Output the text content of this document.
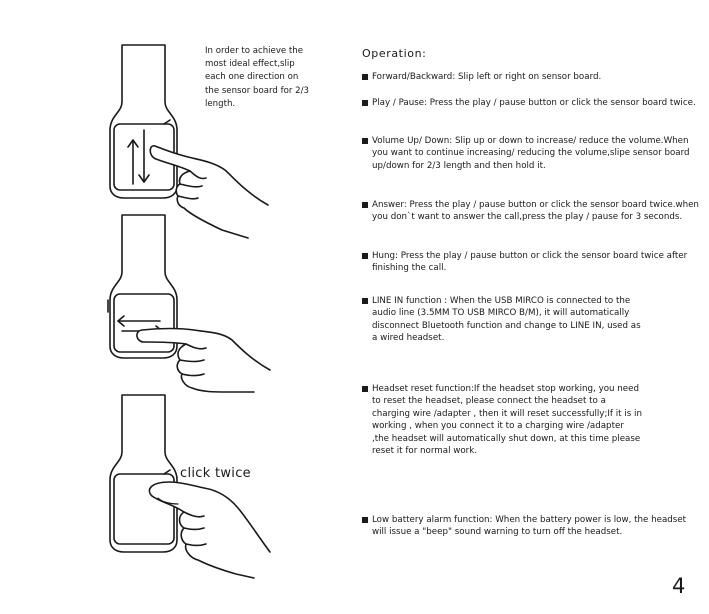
In order to achieve the most ideal effect,slip each one direction on the sensor board for 2/3 length.
click twice
Operation:
Forward/Backward: Slip left or right on sensor board.
Play / Pause: Press the play / pause button or click the sensor board twice.
Volume Up/ Down: Slip up or down to increase/ reduce the volume.When you want to continue increasing/ reducing the volume,slipe sensor board up/down for 2/3 length and then hold it.
Answer: Press the play / pause button or click the sensor board twice.when you don`t want to answer the call,press the play / pause for 3 seconds.
Hung: Press the play / pause button or click the sensor board twice after finishing the call.
LINE IN function : When the USB MIRCO is connected to the audio line (3.5MM TO USB MIRCO B/M), it will automatically disconnect Bluetooth function and change to LINE IN, used as a wired headset.
Headset reset function:If the headset stop working, you need to reset the headset, please connect the headset to a charging wire /adapter , then it will reset successfully;If it is in working , when you connect it to a charging wire /adapter ,the headset will automatically shut down, at this time please reset it for normal work.
Low battery alarm function: When the battery power is low, the headset will issue a "beep" sound warning to turn off the headset.
4
